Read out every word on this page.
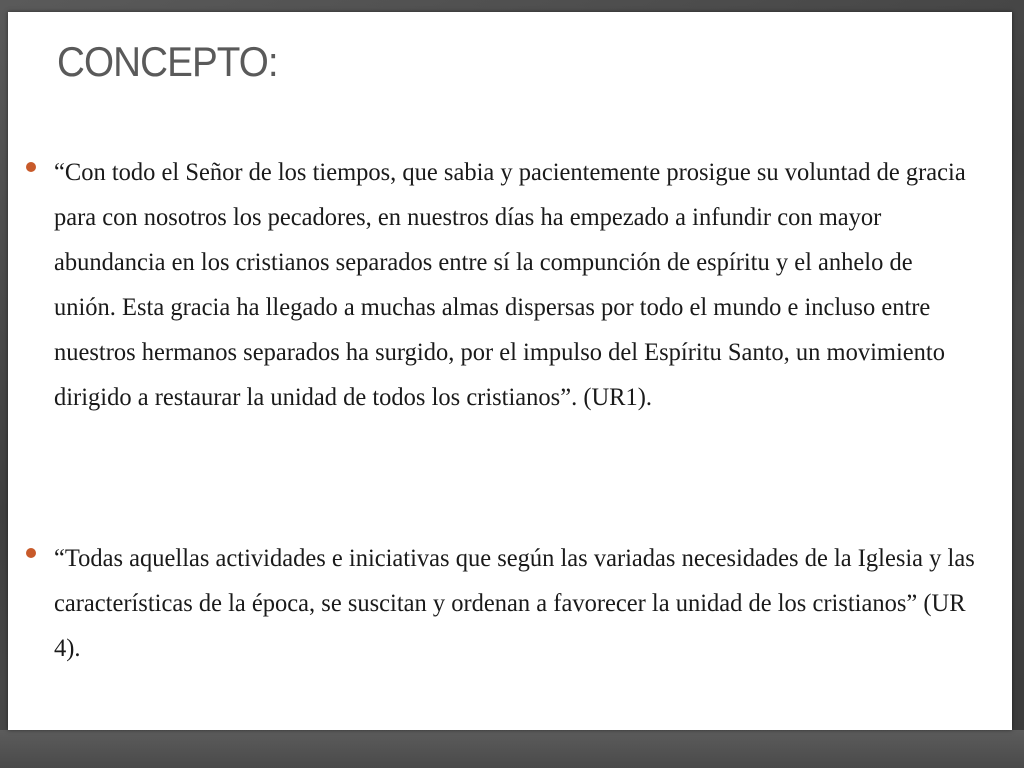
CONCEPTO:

“Con todo el Señor de los tiempos, que sabia y pacientemente prosigue su voluntad de gracia para con nosotros los pecadores, en nuestros días ha empezado a infundir con mayor abundancia en los cristianos separados entre sí la compunción de espíritu y el anhelo de unión. Esta gracia ha llegado a muchas almas dispersas por todo el mundo e incluso entre nuestros hermanos separados ha surgido, por el impulso del Espíritu Santo, un movimiento dirigido a restaurar la unidad de todos los cristianos”. (UR1).

“Todas aquellas actividades e iniciativas que según las variadas necesidades de la Iglesia y las características de la época, se suscitan y ordenan a favorecer la unidad de los cristianos” (UR 4).
